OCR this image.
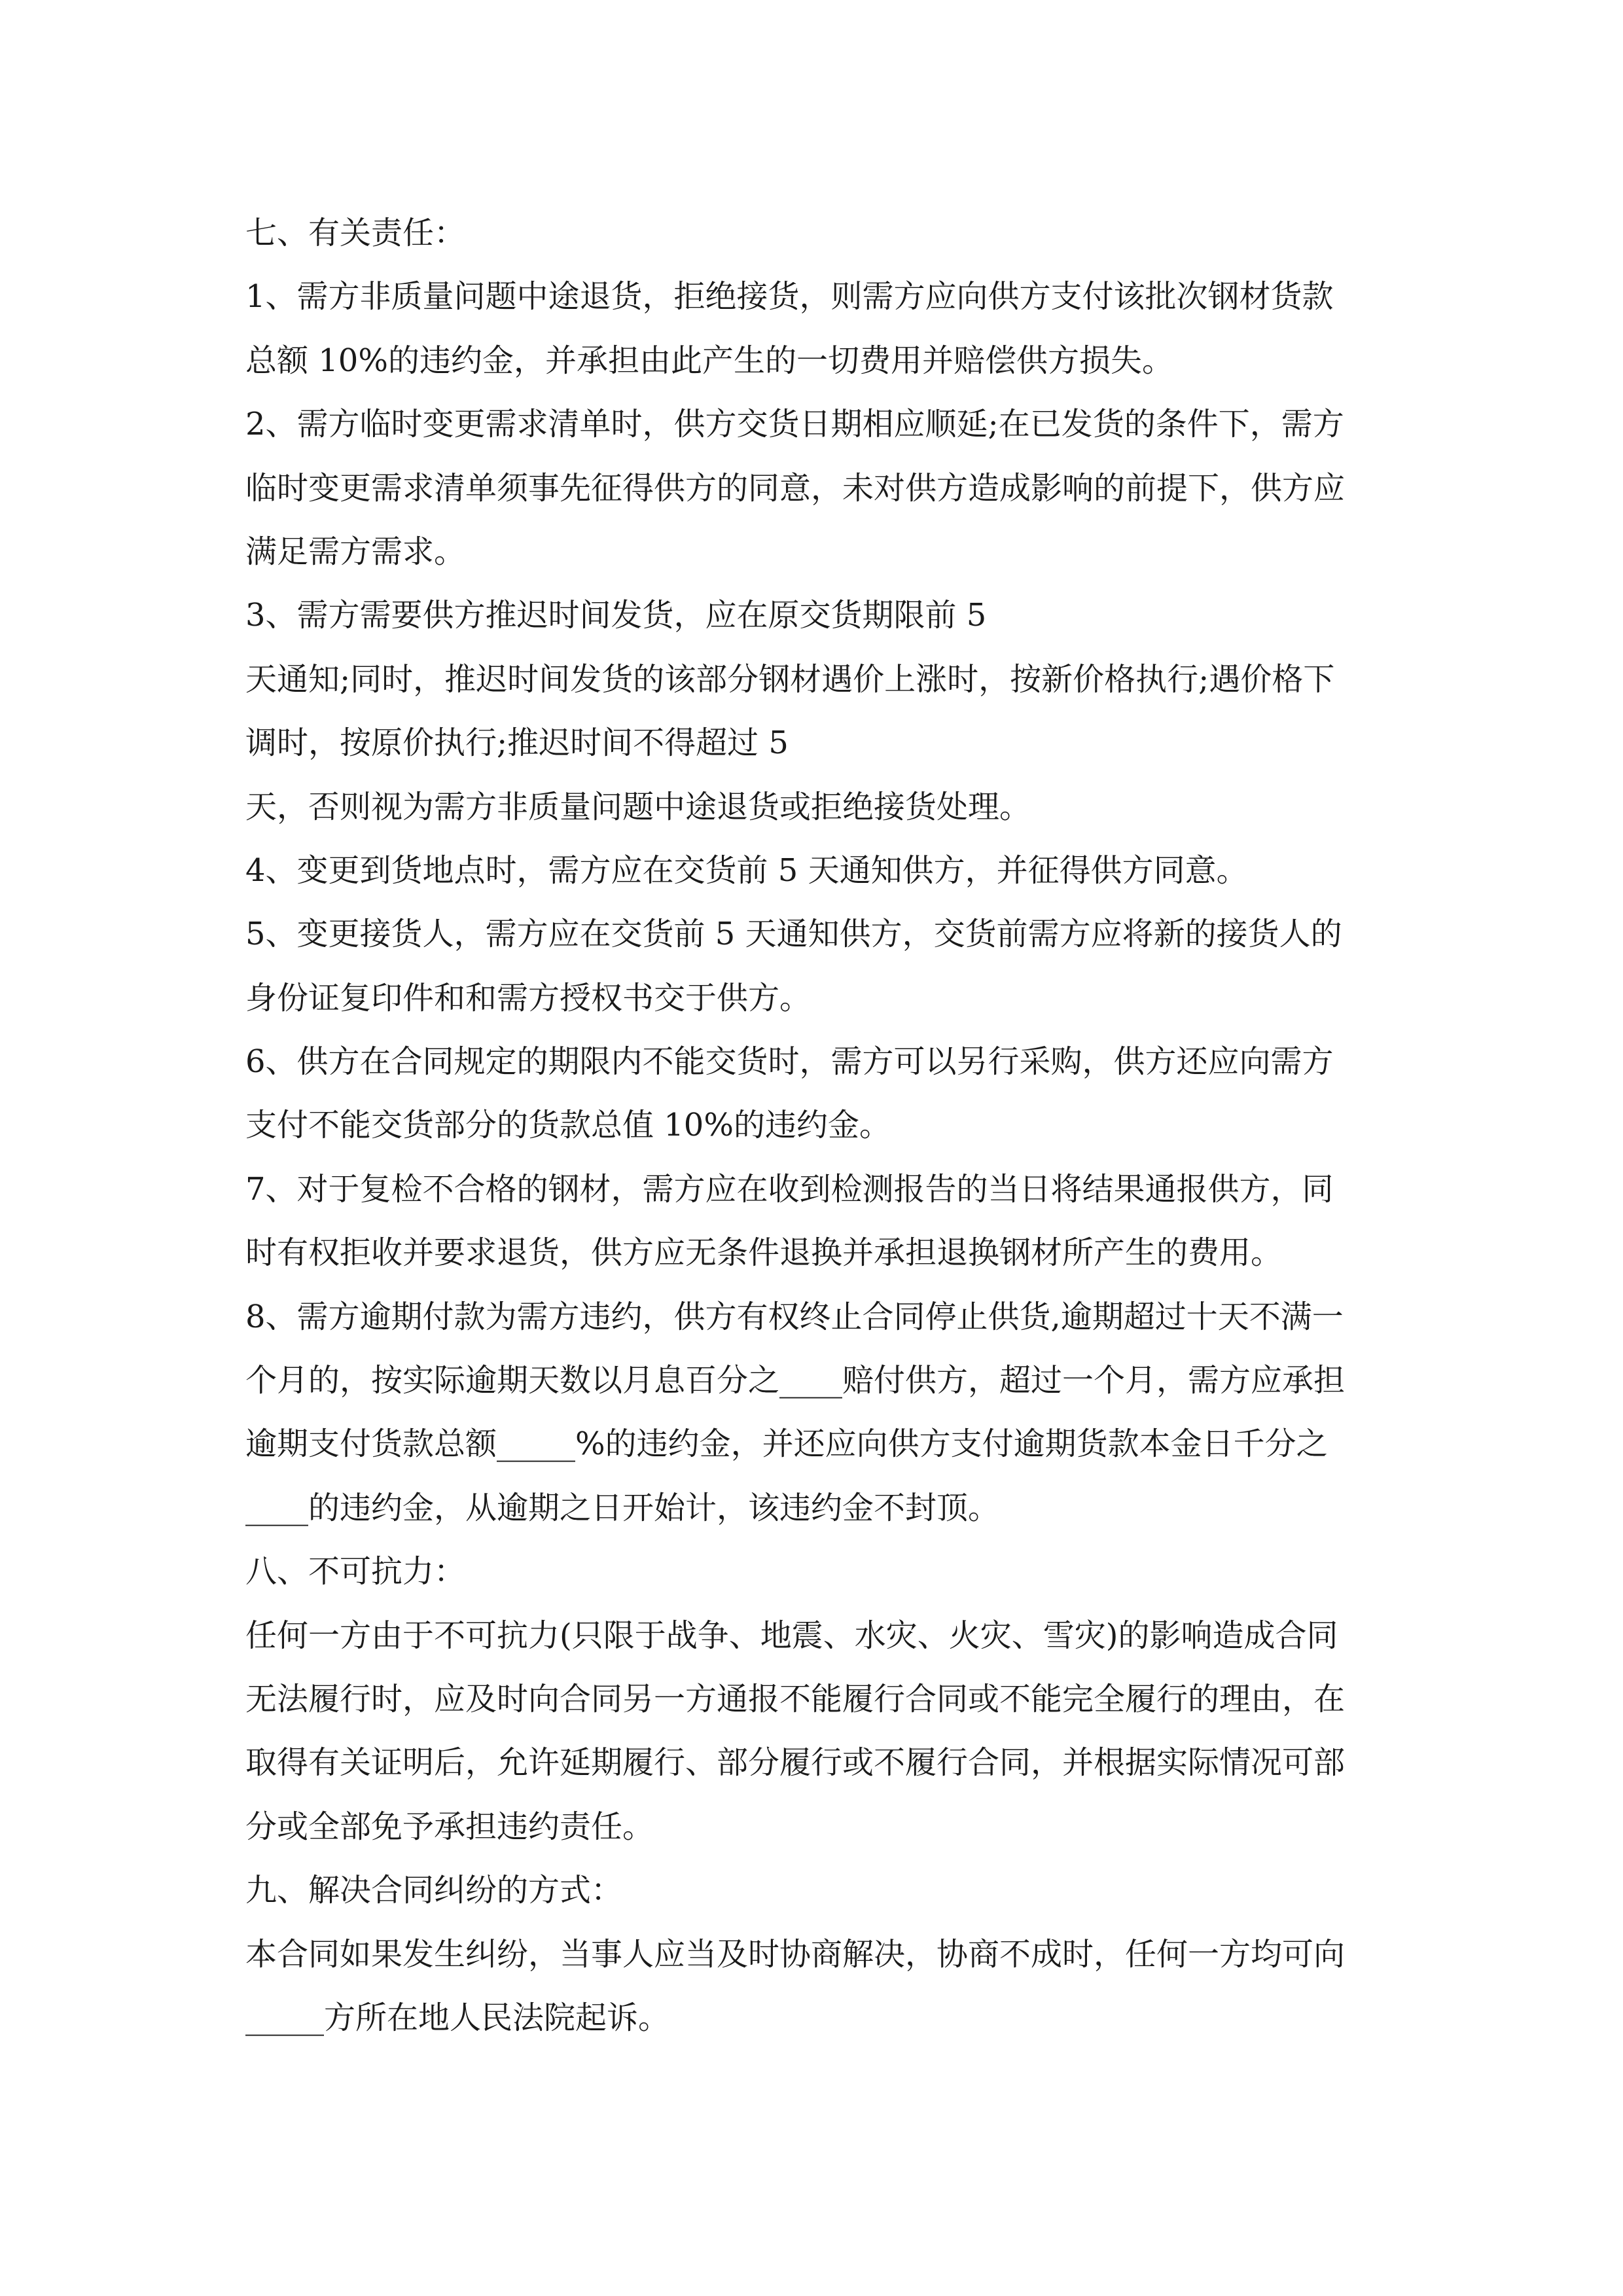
七、有关责任：
1、需方非质量问题中途退货，拒绝接货，则需方应向供方支付该批次钢材货款
总额 10%的违约金，并承担由此产生的一切费用并赔偿供方损失。
2、需方临时变更需求清单时，供方交货日期相应顺延;在已发货的条件下，需方
临时变更需求清单须事先征得供方的同意，未对供方造成影响的前提下，供方应
满足需方需求。
3、需方需要供方推迟时间发货，应在原交货期限前 5
天通知;同时，推迟时间发货的该部分钢材遇价上涨时，按新价格执行;遇价格下
调时，按原价执行;推迟时间不得超过 5
天，否则视为需方非质量问题中途退货或拒绝接货处理。
4、变更到货地点时，需方应在交货前 5 天通知供方，并征得供方同意。
5、变更接货人，需方应在交货前 5 天通知供方，交货前需方应将新的接货人的
身份证复印件和和需方授权书交于供方。
6、供方在合同规定的期限内不能交货时，需方可以另行采购，供方还应向需方
支付不能交货部分的货款总值 10%的违约金。
7、对于复检不合格的钢材，需方应在收到检测报告的当日将结果通报供方，同
时有权拒收并要求退货，供方应无条件退换并承担退换钢材所产生的费用。
8、需方逾期付款为需方违约，供方有权终止合同停止供货,逾期超过十天不满一
个月的，按实际逾期天数以月息百分之____赔付供方，超过一个月，需方应承担
逾期支付货款总额_____%的违约金，并还应向供方支付逾期货款本金日千分之
____的违约金，从逾期之日开始计，该违约金不封顶。
八、不可抗力：
任何一方由于不可抗力(只限于战争、地震、水灾、火灾、雪灾)的影响造成合同
无法履行时，应及时向合同另一方通报不能履行合同或不能完全履行的理由，在
取得有关证明后，允许延期履行、部分履行或不履行合同，并根据实际情况可部
分或全部免予承担违约责任。
九、解决合同纠纷的方式：
本合同如果发生纠纷，当事人应当及时协商解决，协商不成时，任何一方均可向
_____方所在地人民法院起诉。
